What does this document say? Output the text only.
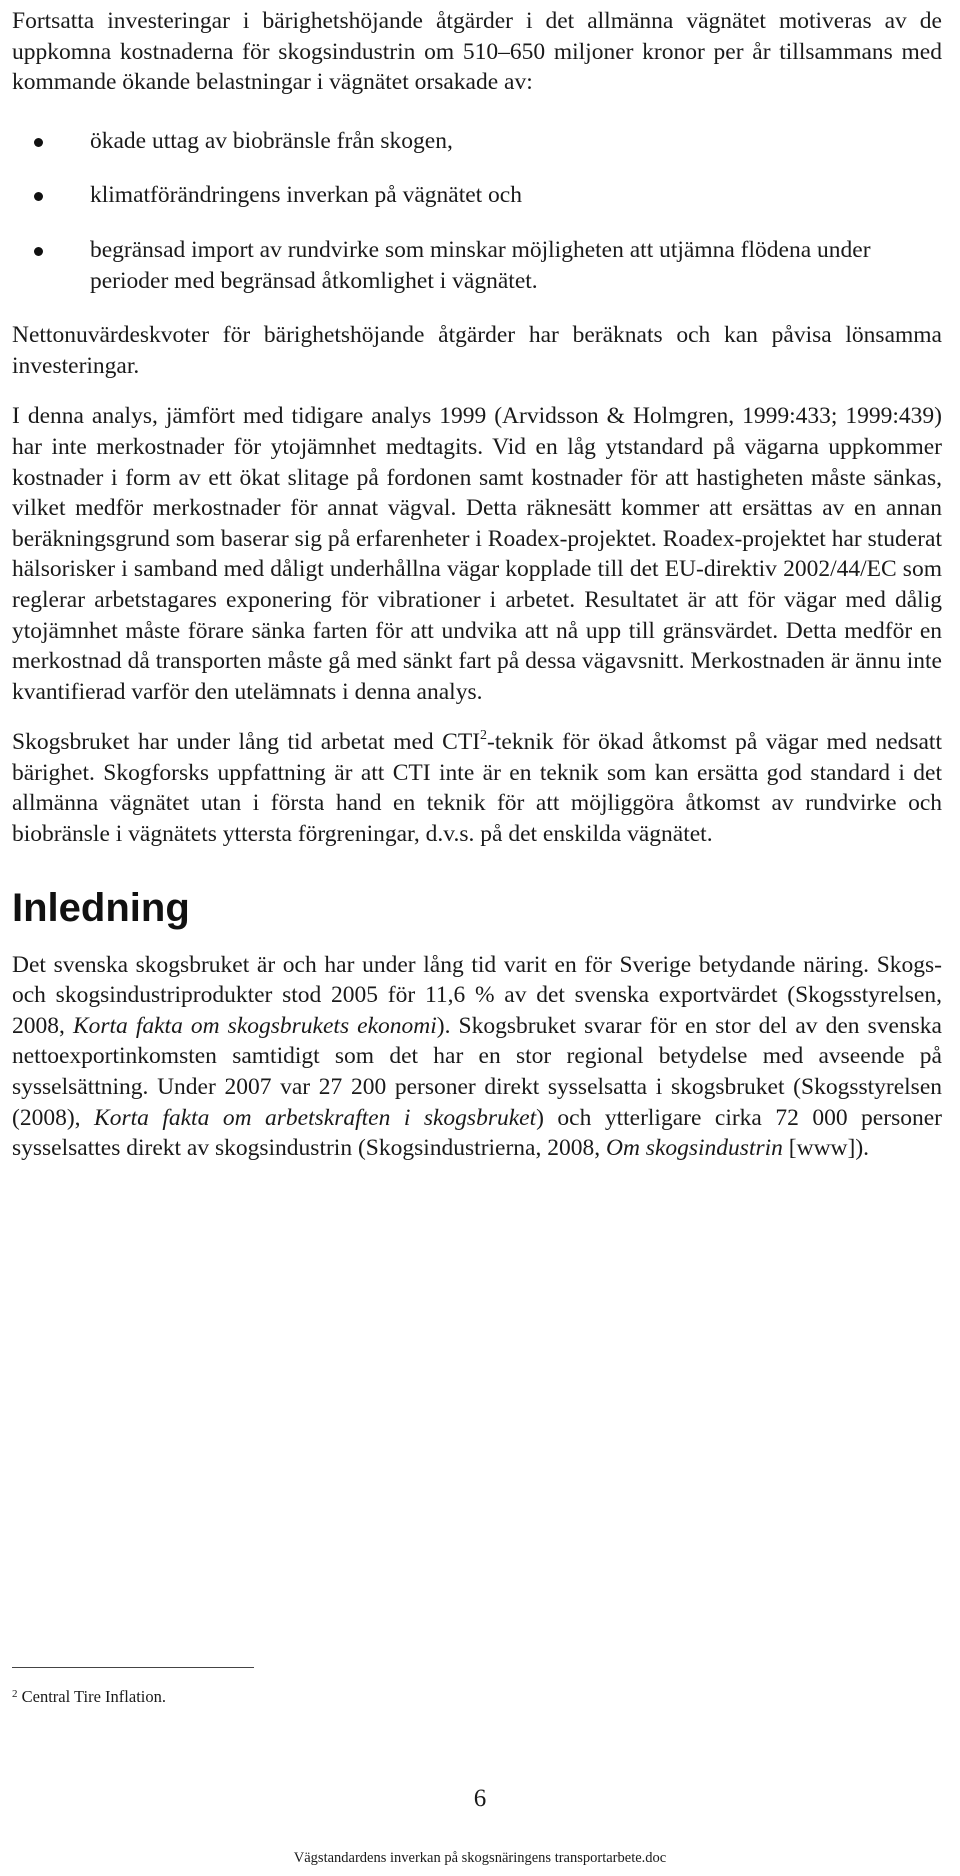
Fortsatta investeringar i bärighetshöjande åtgärder i det allmänna vägnätet motiveras av de uppkomna kostnaderna för skogsindustrin om 510–650 miljoner kronor per år tillsammans med kommande ökande belastningar i vägnätet orsakade av:

ökade uttag av biobränsle från skogen,
klimatförändringens inverkan på vägnätet och
begränsad import av rundvirke som minskar möjligheten att utjämna flödena under perioder med begränsad åtkomlighet i vägnätet.

Nettonuvärdeskvoter för bärighetshöjande åtgärder har beräknats och kan påvisa lönsamma investeringar.

I denna analys, jämfört med tidigare analys 1999 (Arvidsson & Holmgren, 1999:433; 1999:439) har inte merkostnader för ytojämnhet medtagits. Vid en låg ytstandard på vägarna uppkommer kostnader i form av ett ökat slitage på fordonen samt kostnader för att hastigheten måste sänkas, vilket medför merkostnader för annat vägval. Detta räknesätt kommer att ersättas av en annan beräkningsgrund som baserar sig på erfarenheter i Roadex-projektet. Roadex-projektet har studerat hälsorisker i samband med dåligt underhållna vägar kopplade till det EU-direktiv 2002/44/EC som reglerar arbetstagares exponering för vibrationer i arbetet. Resultatet är att för vägar med dålig ytojämnhet måste förare sänka farten för att undvika att nå upp till gränsvärdet. Detta medför en merkostnad då transporten måste gå med sänkt fart på dessa vägavsnitt. Merkostnaden är ännu inte kvantifierad varför den utelämnats i denna analys.

Skogsbruket har under lång tid arbetat med CTI$^2$-teknik för ökad åtkomst på vägar med nedsatt bärighet. Skogforsks uppfattning är att CTI inte är en teknik som kan ersätta god standard i det allmänna vägnätet utan i första hand en teknik för att möjliggöra åtkomst av rundvirke och biobränsle i vägnätets yttersta förgreningar, d.v.s. på det enskilda vägnätet.

Inledning

Det svenska skogsbruket är och har under lång tid varit en för Sverige betydande näring. Skogs- och skogsindustriprodukter stod 2005 för 11,6 % av det svenska exportvärdet (Skogsstyrelsen, 2008, Korta fakta om skogsbrukets ekonomi). Skogsbruket svarar för en stor del av den svenska nettoexportinkomsten samtidigt som det har en stor regional betydelse med avseende på sysselsättning. Under 2007 var 27 200 personer direkt sysselsatta i skogsbruket (Skogsstyrelsen (2008), Korta fakta om arbetskraften i skogsbruket) och ytterligare cirka 72 000 personer sysselsattes direkt av skogsindustrin (Skogsindustrierna, 2008, Om skogsindustrin [www]).

$^2$ Central Tire Inflation.
6
Vägstandardens inverkan på skogsnäringens transportarbete.doc
